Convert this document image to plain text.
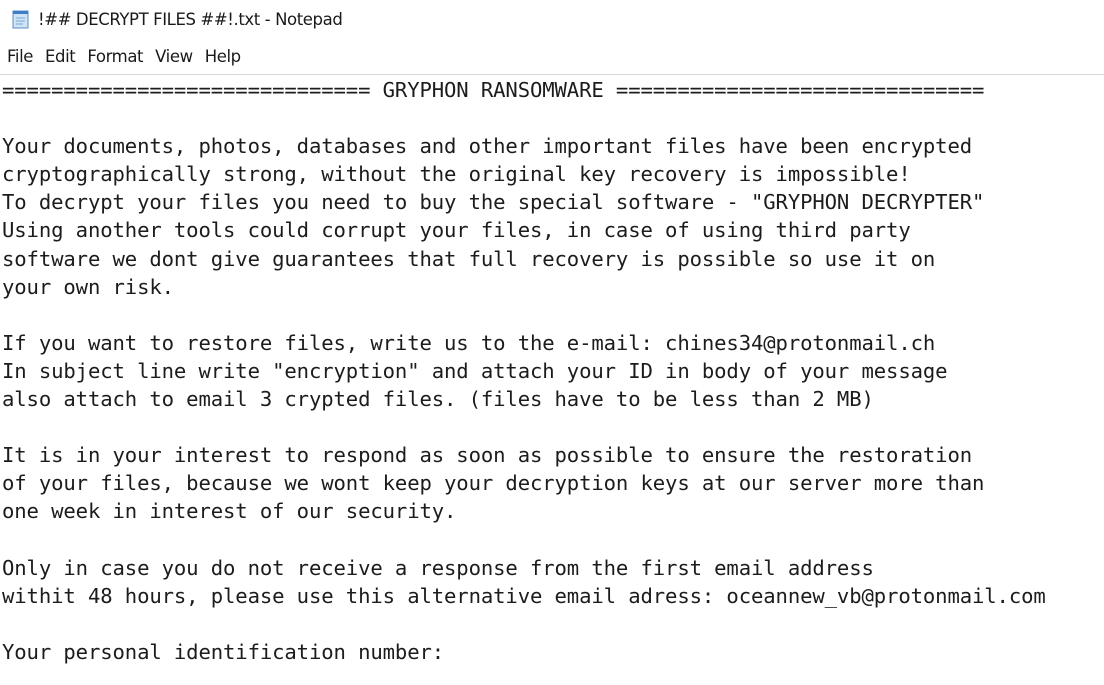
!## DECRYPT FILES ##!.txt - Notepad
File Edit Format View Help
============================== GRYPHON RANSOMWARE ==============================

Your documents, photos, databases and other important files have been encrypted
cryptographically strong, without the original key recovery is impossible!
To decrypt your files you need to buy the special software - "GRYPHON DECRYPTER"
Using another tools could corrupt your files, in case of using third party
software we dont give guarantees that full recovery is possible so use it on
your own risk.

If you want to restore files, write us to the e-mail: chines34@protonmail.ch
In subject line write "encryption" and attach your ID in body of your message
also attach to email 3 crypted files. (files have to be less than 2 MB)

It is in your interest to respond as soon as possible to ensure the restoration
of your files, because we wont keep your decryption keys at our server more than
one week in interest of our security.

Only in case you do not receive a response from the first email address
withit 48 hours, please use this alternative email adress: oceannew_vb@protonmail.com

Your personal identification number:
